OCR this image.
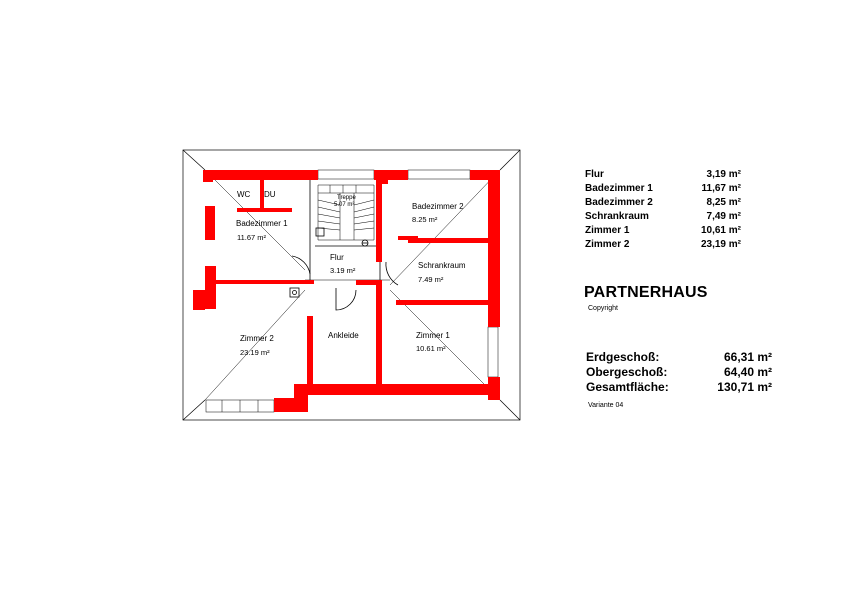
WC DU	Treppe
5.07 m²
Badezimmer 1
11.67 m²
Badezimmer 2
8.25 m²
Flur
3.19 m²
Schrankraum
7.49 m²
Zimmer 2
23.19 m²
Ankleide	Zimmer 1
10.61 m²
Flur	3,19 m²
Badezimmer 1	11,67 m²
Badezimmer 2	8,25 m²
Schrankraum	7,49 m²
Zimmer 1	10,61 m²
Zimmer 2	23,19 m²
PARTNERHAUS
Copyright
Erdgeschoß:	66,31 m²
Obergeschoß:	64,40 m²
Gesamtfläche:	130,71 m²
Variante 04
